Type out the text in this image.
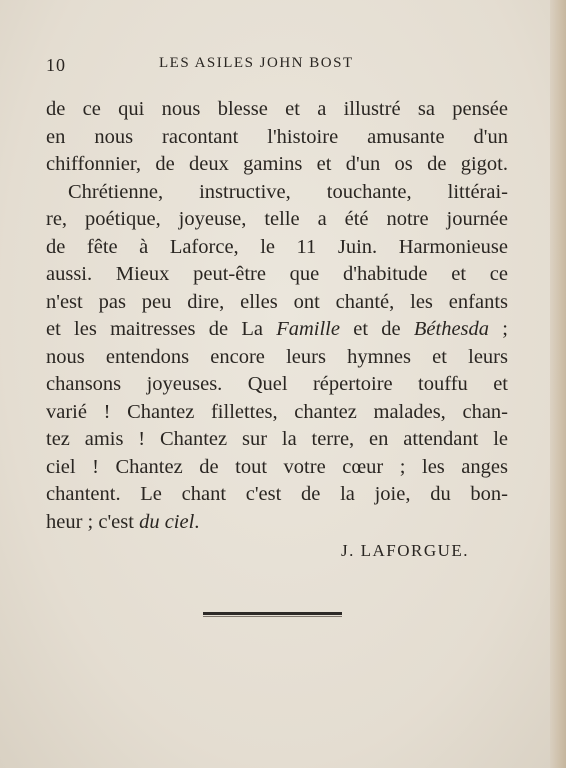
10	LES ASILES JOHN BOST
de ce qui nous blesse et a illustré sa pensée
en nous racontant l'histoire amusante d'un
chiffonnier, de deux gamins et d'un os de gigot.
Chrétienne, instructive, touchante, littérai-
re, poétique, joyeuse, telle a été notre journée
de fête à Laforce, le 11 Juin. Harmonieuse
aussi. Mieux peut-être que d'habitude et ce
n'est pas peu dire, elles ont chanté, les enfants
et les maitresses de La Famille et de Béthesda ;
nous entendons encore leurs hymnes et leurs
chansons joyeuses. Quel répertoire touffu et
varié ! Chantez fillettes, chantez malades, chan-
tez amis ! Chantez sur la terre, en attendant le
ciel ! Chantez de tout votre cœur ; les anges
chantent. Le chant c'est de la joie, du bon-
heur ; c'est du ciel.
J. LAFORGUE.
